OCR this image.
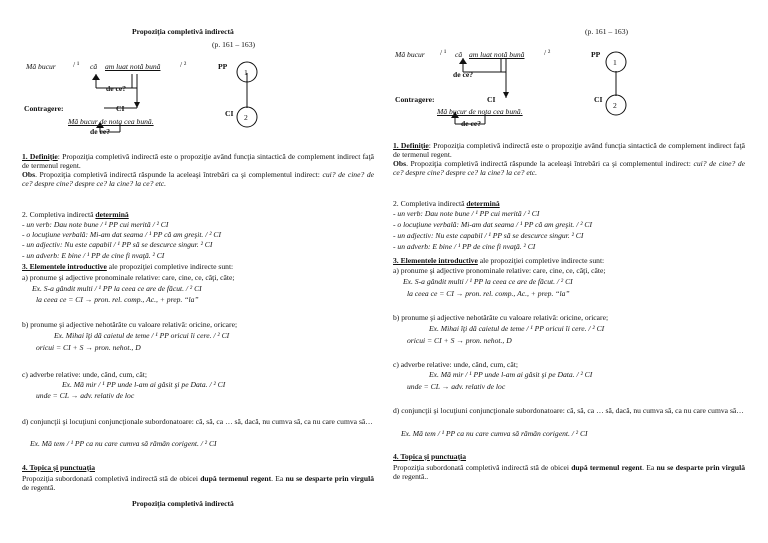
Propoziţia completivă indirectă
(p. 161 – 163)
Mă bucur / ¹ că am luat notă bună	/ ²
de ce?
PP
1
Contragere:	CI
CI 2
Mă bucur de nota cea bună.
de ce?
1. Definiţie: Propoziţia completivă indirectă este o propoziţie având funcţia sintactică de complement indirect faţă de termenul regent.
Obs. Propoziţia completivă indirectă răspunde la aceleaşi întrebări ca şi complementul indirect: cui? de cine? de ce? despre cine? despre ce? la cine? la ce? etc.
2. Completiva indirectă determină
- un verb: Dau note bune / ¹ PP cui merită / ² CI
- o locuţiune verbală: Mi-am dat seama / ¹ PP că am greşit. / ² CI
- un adjectiv: Nu este capabil / ¹ PP să se descurce singur. ² CI
- un adverb: E bine / ¹ PP de cine fi nvaţă. ² CI
3. Elementele introductive ale propoziţiei completive indirecte sunt:
a) pronume şi adjective pronominale relative: care, cine, ce, câţi, câte;
Ex. S-a gândit multi / ¹ PP la ceea ce are de făcut. / ² CI
la ceea ce = CI → pron. rel. comp., Ac., + prep. “la”
b) pronume şi adjective nehotărâte cu valoare relativă: oricine, oricare;
Ex. Mihai îţi dă caietul de teme / ¹ PP oricui îi cere. / ² CI
oricui = CI + S → pron. nehot., D
c) adverbe relative: unde, când, cum, cât;
Ex. Mă mir / ¹ PP unde l-am ai găsit şi pe Data. / ² CI
unde = CL → adv. relativ de loc
d) conjuncţii şi locuţiuni conjuncţionale subordonatoare: că, să, ca … să, dacă, nu cumva să, ca nu care cumva să…
Ex. Mă tem / ¹ PP ca nu care cumva să rămân corigent. / ² CI
4. Topica şi punctuaţia
Propoziţia subordonată completivă indirectă stă de obicei după termenul regent. Ea nu se desparte prin virgulă de regentă.
Propoziţia completivă indirectă
(p. 161 – 163)
Mă bucur / ¹ că am luat notă bună	/ ²
de ce?
PP
1
Contragere:	CI	CI
2
Mă bucur de nota cea bună.
de ce?
1. Definiţie: Propoziţia completivă indirectă este o propoziţie având funcţia sintactică de complement indirect faţă de termenul regent.
Obs. Propoziţia completivă indirectă răspunde la aceleaşi întrebări ca şi complementul indirect: cui? de cine? de ce? despre cine? despre ce? la cine? la ce? etc.
2. Completiva indirectă determină
- un verb: Dau note bune / ¹ PP cui merită / ² CI
- o locuţiune verbală: Mi-am dat seama / ¹ PP că am greşit. / ² CI
- un adjectiv: Nu este capabil / ¹ PP să se descurce singur. ² CI
- un adverb: E bine / ¹ PP de cine fi nvaţă. ² CI
3. Elementele introductive ale propoziţiei completive indirecte sunt:
a) pronume şi adjective pronominale relative: care, cine, ce, câţi, câte;
Ex. S-a gândit multi / ¹ PP la ceea ce are de făcut. / ² CI
la ceea ce = CI → pron. rel. comp., Ac., + prep. “la”
b) pronume şi adjective nehotărâte cu valoare relativă: oricine, oricare;
Ex. Mihai îţi dă caietul de teme / ¹ PP oricui îi cere. / ² CI
oricui = CI + S → pron. nehot., D
c) adverbe relative: unde, când, cum, cât;
Ex. Mă mir / ¹ PP unde l-am ai găsit şi pe Data. / ² CI
unde = CL → adv. relativ de loc
d) conjuncţii şi locuţiuni conjuncţionale subordonatoare: că, să, ca … să, dacă, nu cumva să, ca nu care cumva să…
Ex. Mă tem / ¹ PP ca nu care cumva să rămân corigent. / ² CI
4. Topica şi punctuaţia
Propoziţia subordonată completivă indirectă stă de obicei după termenul regent. Ea nu se desparte prin virgulă de regentă..
